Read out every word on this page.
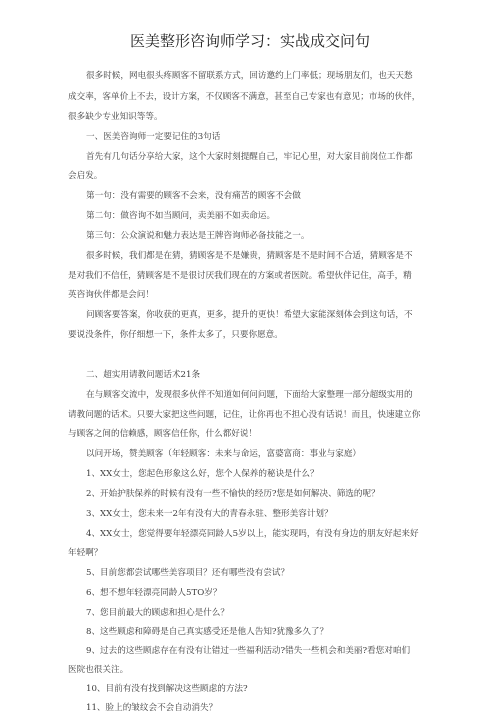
医美整形咨询师学习：实战成交问句
很多时候，网电很头疼顾客不留联系方式，回访邀约上门率低；现场朋友们，也天天愁
成交率，客单价上不去，设计方案，不仅顾客不满意，甚至自己专家也有意见；市场的伙伴，
很多缺少专业知识等等。
一、医美咨询师一定要记住的3句话
首先有几句话分享给大家，这个大家时刻提醒自己，牢记心里，对大家目前岗位工作都
会启发。
第一句：没有需要的顾客不会来，没有痛苦的顾客不会做
第二句：做咨询不如当顾问，卖美丽不如卖命运。
第三句：公众演说和魅力表达是王牌咨询师必备技能之一。
很多时候，我们都是在猜，猜顾客是不是嫌贵，猜顾客是不是时间不合适，猜顾客是不
是对我们不信任，猜顾客是不是很讨厌我们现在的方案或者医院。希望伙伴记住，高手，精
英咨询伙伴都是会问！
问顾客要答案，你收获的更真，更多，提升的更快！希望大家能深刻体会到这句话，不
要说没条件，你仔细想一下，条件太多了，只要你愿意。
二、超实用请教问题话术21条
在与顾客交流中，发现很多伙伴不知道如何问问题，下面给大家整理一部分超级实用的
请教问题的话术。只要大家把这些问题，记住，让你再也不担心没有话说！而且，快速建立你
与顾客之间的信赖感，顾客信任你，什么都好说！
以问开场，赞美顾客（年轻顾客：未来与命运，富婆富商：事业与家庭）
1、XX女士，您起色形象这么好，您个人保养的秘诀是什么？
2、开始护肤保养的时候有没有一些不愉快的经历?您是如何解决、筛选的呢？
3、XX女士，您未来一2年有没有大的青春永驻、整形美容计划？
4、XX女士，您觉得要年轻漂亮同龄人5岁以上，能实现吗，有没有身边的朋友好起来好
年轻啊？
5、目前您都尝试哪些美容项目？还有哪些没有尝试？
6、想不想年轻漂亮同龄人5TO岁？
7、您目前最大的顾虑和担心是什么？
8、这些顾虑和障碍是自己真实感受还是他人告知?犹豫多久了？
9、过去的这些顾虑存在有没有让错过一些福利活动?错失一些机会和美丽?看您对咱们
医院也很关注。
10、目前有没有找到解决这些顾虑的方法?
11、脸上的皱纹会不会自动消失？
